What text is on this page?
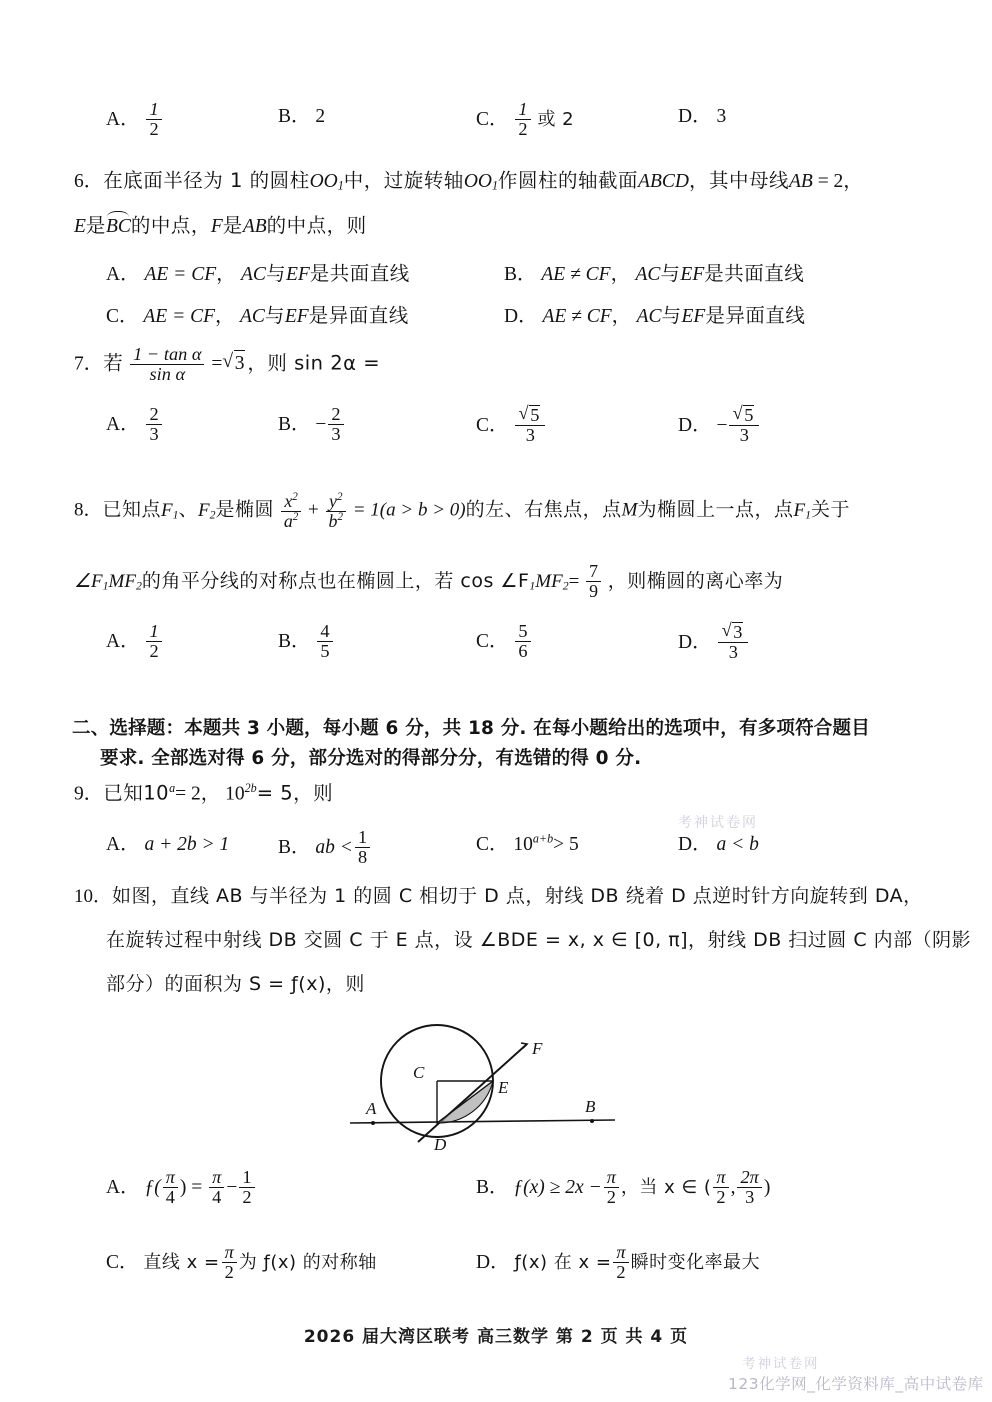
A． $\frac{1}{2}$	B． 2	C． $\frac{1}{2}$ 或 2	D． 3
6．在底面半径为 1 的圆柱$OO_1$中，过旋转轴$OO_1$作圆柱的轴截面ABCD，其中母线AB = 2，
E是BC的中点，F是AB的中点，则
A． AE = CF， AC与EF是共面直线	B． AE ≠ CF， AC与EF是共面直线
C． AE = CF， AC与EF是异面直线	D． AE ≠ CF， AC与EF是异面直线
7．若 $\frac{\text{1 − tan α}}{\text{sin α}}$ = √ 3 ，则 sin 2α =
A． $\frac{2}{3}$	B． − $\frac{2}{3}$	C． √ $\frac{5}{3}$	D． − √ $\frac{5}{3}$
8．已知点$F_1$、$F_2$是椭圆 $\frac{x^2}{a^2} + \frac{y^2}{b^2} = 1(a > b > 0)$的左、右焦点，点M为椭圆上一点，点$F_1$关于
$\angle F_1MF_2$的角平分线的对称点也在椭圆上，若 $\cos \angle F_1MF_2= \frac{7}{9}$ ，则椭圆的离心率为
A． $\frac{1}{2}$	B． $\frac{4}{5}$	C． $\frac{5}{6}$	D． √ $\frac{3}{3}$
二、选择题：本题共 3 小题，每小题 6 分，共 18 分. 在每小题给出的选项中，有多项符合题目
要求. 全部选对得 6 分，部分选对的得部分分，有选错的得 0 分.
9．已知$10^a= 2$， $10^{2b}= 5$，则
A． a + 2b > 1 B． ab < $\frac{1}{8}$	C． $10^{a+b}> 5$	D． a < b
考神试卷网
10．如图，直线 AB 与半径为 1 的圆 C 相切于 D 点，射线 DB 绕着 D 点逆时针方向旋转到 DA，
在旋转过程中射线 DB 交圆 C 于 E 点，设 ∠BDE = x, x ∈ [0, π]，射线 DB 扫过圆 C 内部（阴影
部分）的面积为 S = ƒ(x)，则
A	B
C
D
E
F
A． ƒ( $\frac{\pi}{4}$ ) = $\frac{\pi}{4} - \frac{1}{2}$	B． ƒ(x) ≥ $2x - \frac{\pi}{2}$ ，当 x ∈ ( $\frac{\pi}{2}$ , $\frac{2\pi}{3}$ )
C． 直线 $x = \frac{\pi}{2}$ 为 ƒ(x) 的对称轴	D． ƒ(x) 在 $x = \frac{\pi}{2}$ 瞬时变化率最大
2026 届大湾区联考 高三数学 第 2 页 共 4 页
考神试卷网
123化学网_化学资料库_高中试卷库
